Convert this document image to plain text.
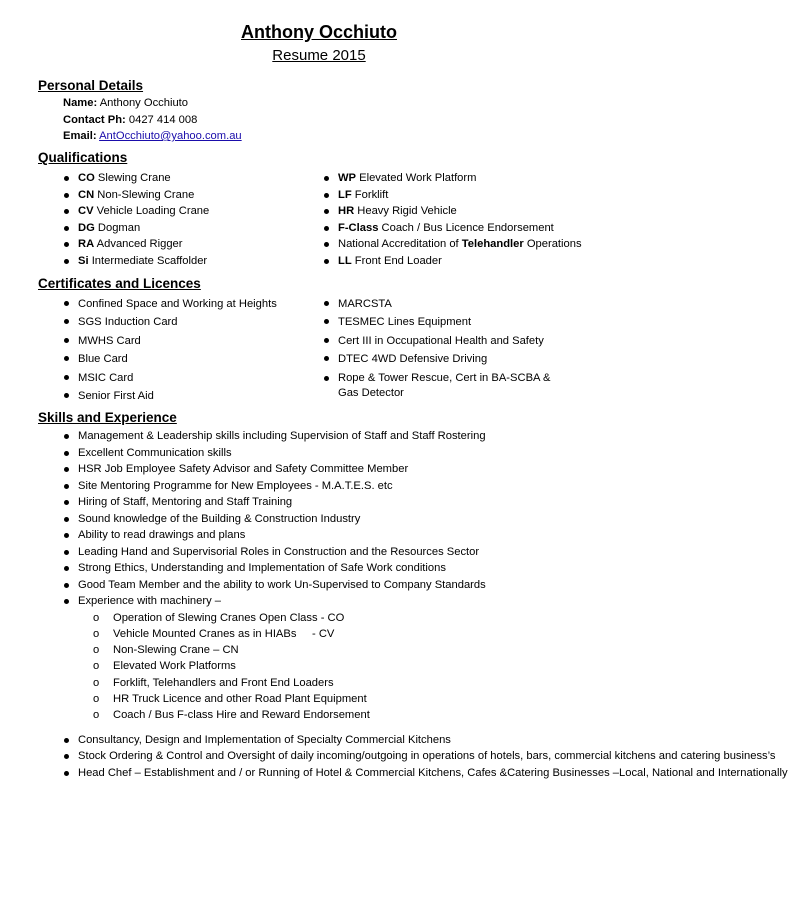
Anthony Occhiuto
Resume 2015
Personal Details
Name: Anthony Occhiuto
Contact Ph: 0427 414 008
Email: AntOcchiuto@yahoo.com.au
Qualifications
CO Slewing Crane
CN Non-Slewing Crane
CV Vehicle Loading Crane
DG Dogman
RA Advanced Rigger
Si Intermediate Scaffolder
WP Elevated Work Platform
LF Forklift
HR Heavy Rigid Vehicle
F-Class Coach / Bus Licence Endorsement
National Accreditation of Telehandler Operations
LL Front End Loader
Certificates and Licences
Confined Space and Working at Heights
SGS Induction Card
MWHS Card
Blue Card
MSIC Card
Senior First Aid
MARCSTA
TESMEC Lines Equipment
Cert III in Occupational Health and Safety
DTEC 4WD Defensive Driving
Rope & Tower Rescue, Cert in BA-SCBA & Gas Detector
Skills and Experience
Management & Leadership skills including Supervision of Staff and Staff Rostering
Excellent Communication skills
HSR Job Employee Safety Advisor and Safety Committee Member
Site Mentoring Programme for New Employees - M.A.T.E.S. etc
Hiring of Staff, Mentoring and Staff Training
Sound knowledge of the Building & Construction Industry
Ability to read drawings and plans
Leading Hand and Supervisorial Roles in Construction and the Resources Sector
Strong Ethics, Understanding and Implementation of Safe Work conditions
Good Team Member and the ability to work Un-Supervised to Company Standards
Experience with machinery –
o Operation of Slewing Cranes Open Class - CO
o Vehicle Mounted Cranes as in HIABs     - CV
o Non-Slewing Crane – CN
o Elevated Work Platforms
o Forklift, Telehandlers and Front End Loaders
o HR Truck Licence and other Road Plant Equipment
o Coach / Bus F-class Hire and Reward Endorsement
Consultancy, Design and Implementation of Specialty Commercial Kitchens
Stock Ordering & Control and Oversight of daily incoming/outgoing in operations of hotels, bars, commercial kitchens and catering business’s
Head Chef – Establishment and / or Running of Hotel & Commercial Kitchens, Cafes &Catering Businesses –Local, National and Internationally
